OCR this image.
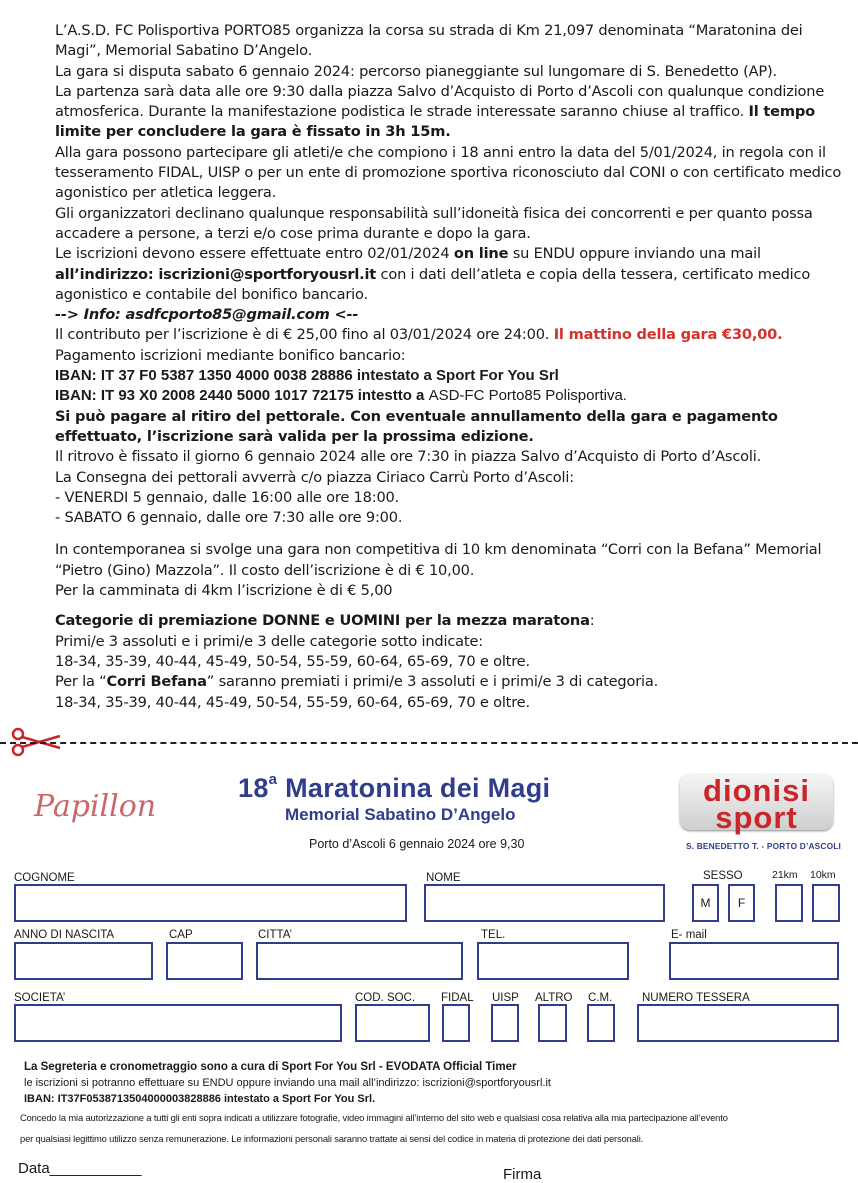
L’A.S.D. FC Polisportiva PORTO85 organizza la corsa su strada di Km 21,097 denominata “Maratonina dei Magi”, Memorial Sabatino D’Angelo.

La gara si disputa sabato 6 gennaio 2024: percorso pianeggiante sul lungomare di S. Benedetto (AP).

La partenza sarà data alle ore 9:30 dalla piazza Salvo d’Acquisto di Porto d’Ascoli con qualunque condizione atmosferica. Durante la manifestazione podistica le strade interessate saranno chiuse al traffico. Il tempo limite per concludere la gara è fissato in 3h 15m.

Alla gara possono partecipare gli atleti/e che compiono i 18 anni entro la data del 5/01/2024, in regola con il tesseramento FIDAL, UISP o per un ente di promozione sportiva riconosciuto dal CONI o con certificato medico agonistico per atletica leggera.

Gli organizzatori declinano qualunque responsabilità sull’idoneità fisica dei concorrenti e per quanto possa accadere a persone, a terzi e/o cose prima durante e dopo la gara.

Le iscrizioni devono essere effettuate entro 02/01/2024 on line su ENDU oppure inviando una mail
all’indirizzo: iscrizioni@sportforyousrl.it con i dati dell’atleta e copia della tessera, certificato medico agonistico e contabile del bonifico bancario.

--> Info: asdfcporto85@gmail.com <--

Il contributo per l’iscrizione è di € 25,00 fino al 03/01/2024 ore 24:00. Il mattino della gara €30,00.

Pagamento iscrizioni mediante bonifico bancario:

IBAN: IT 37 F0 5387 1350 4000 0038 28886 intestato a Sport For You Srl

IBAN: IT 93 X0 2008 2440 5000 1017 72175 intestto a ASD-FC Porto85 Polisportiva.

Si può pagare al ritiro del pettorale. Con eventuale annullamento della gara e pagamento effettuato, l’iscrizione sarà valida per la prossima edizione.

Il ritrovo è fissato il giorno 6 gennaio 2024 alle ore 7:30 in piazza Salvo d’Acquisto di Porto d’Ascoli.

La Consegna dei pettorali avverrà c/o piazza Ciriaco Carrù Porto d’Ascoli:

- VENERDI 5 gennaio, dalle 16:00 alle ore 18:00.

- SABATO 6 gennaio, dalle ore 7:30 alle ore 9:00.

In contemporanea si svolge una gara non competitiva di 10 km denominata “Corri con la Befana” Memorial “Pietro (Gino) Mazzola”. Il costo dell’iscrizione è di € 10,00.

Per la camminata di 4km l’iscrizione è di € 5,00

Categorie di premiazione DONNE e UOMINI per la mezza maratona:

Primi/e 3 assoluti e i primi/e 3 delle categorie sotto indicate:

18-34, 35-39, 40-44, 45-49, 50-54, 55-59, 60-64, 65-69, 70 e oltre.

Per la “Corri Befana” saranno premiati i primi/e 3 assoluti e i primi/e 3 di categoria.

18-34, 35-39, 40-44, 45-49, 50-54, 55-59, 60-64, 65-69, 70 e oltre.

Papillon
18$^a$ Maratonina dei Magi
Memorial Sabatino D’Angelo
Porto d’Ascoli 6 gennaio 2024 ore 9,30
dionisi
sport
S. BENEDETTO T. - PORTO D’ASCOLI
COGNOME	NOME	SESSO	21km 10km
M F
ANNO DI NASCITA	CAP	CITTA’	TEL.	E- mail
SOCIETA’	COD. SOC. FIDAL UISP ALTRO C.M.	NUMERO TESSERA
La Segreteria e cronometraggio sono a cura di Sport For You Srl - EVODATA Official Timer
le iscrizioni si potranno effettuare su ENDU oppure inviando una mail all’indirizzo: iscrizioni@sportforyousrl.it
IBAN: IT37F0538713504000003828886 intestato a Sport For You Srl.
Concedo la mia autorizzazione a tutti gli enti sopra indicati a utilizzare fotografie, video immagini all’interno del sito web e qualsiasi cosa relativa alla mia partecipazione all’evento
per qualsiasi legittimo utilizzo senza remunerazione. Le informazioni personali saranno trattate ai sensi del codice in materia di protezione dei dati personali.
Data___________	Firma
